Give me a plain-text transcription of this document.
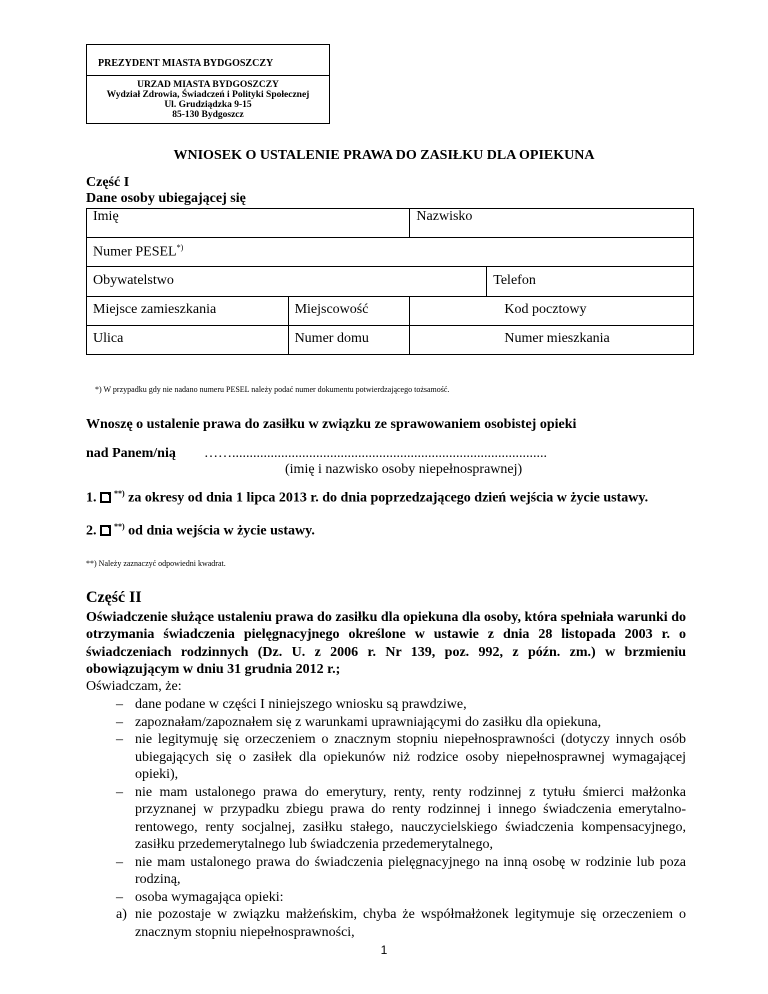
PREZYDENT MIASTA BYDGOSZCZY
URZAD MIASTA BYDGOSZCZY
Wydział Zdrowia, Świadczeń i Polityki Społecznej
Ul. Grudziądzka 9-15
85-130 Bydgoszcz
WNIOSEK O USTALENIE PRAWA DO ZASIŁKU DLA OPIEKUNA
Część I
Dane osoby ubiegającej się
Imię		Nazwisko	
Numer PESEL*)
Obywatelstwo			Telefon
Miejsce zamieszkania	Miejscowość	Kod pocztowy	
Ulica	Numer domu	Numer mieszkania	
*) W przypadku gdy nie nadano numeru PESEL należy podać numer dokumentu potwierdzającego tożsamość.
Wnoszę o ustalenie prawa do zasiłku w związku ze sprawowaniem osobistej opieki
nad Panem/nią ……..........................................................................................
(imię i nazwisko osoby niepełnosprawnej)
1. **) za okresy od dnia 1 lipca 2013 r. do dnia poprzedzającego dzień wejścia w życie ustawy.
2. **) od dnia wejścia w życie ustawy.
**) Należy zaznaczyć odpowiedni kwadrat.
Część II
Oświadczenie służące ustaleniu prawa do zasiłku dla opiekuna dla osoby, która spełniała warunki do otrzymania świadczenia pielęgnacyjnego określone w ustawie z dnia 28 listopada 2003 r. o świadczeniach rodzinnych (Dz. U. z 2006 r. Nr 139, poz. 992, z późn. zm.) w brzmieniu obowiązującym w dniu 31 grudnia 2012 r.;
Oświadczam, że:
– dane podane w części I niniejszego wniosku są prawdziwe,
– zapoznałam/zapoznałem się z warunkami uprawniającymi do zasiłku dla opiekuna,
– nie legitymuję się orzeczeniem o znacznym stopniu niepełnosprawności (dotyczy innych osób ubiegających się o zasiłek dla opiekunów niż rodzice osoby niepełnosprawnej wymagającej opieki),
– nie mam ustalonego prawa do emerytury, renty, renty rodzinnej z tytułu śmierci małżonka przyznanej w przypadku zbiegu prawa do renty rodzinnej i innego świadczenia emerytalno-rentowego, renty socjalnej, zasiłku stałego, nauczycielskiego świadczenia kompensacyjnego, zasiłku przedemerytalnego lub świadczenia przedemerytalnego,
– nie mam ustalonego prawa do świadczenia pielęgnacyjnego na inną osobę w rodzinie lub poza rodziną,
– osoba wymagająca opieki:
a) nie pozostaje w związku małżeńskim, chyba że współmałżonek legitymuje się orzeczeniem o znacznym stopniu niepełnosprawności,
1
